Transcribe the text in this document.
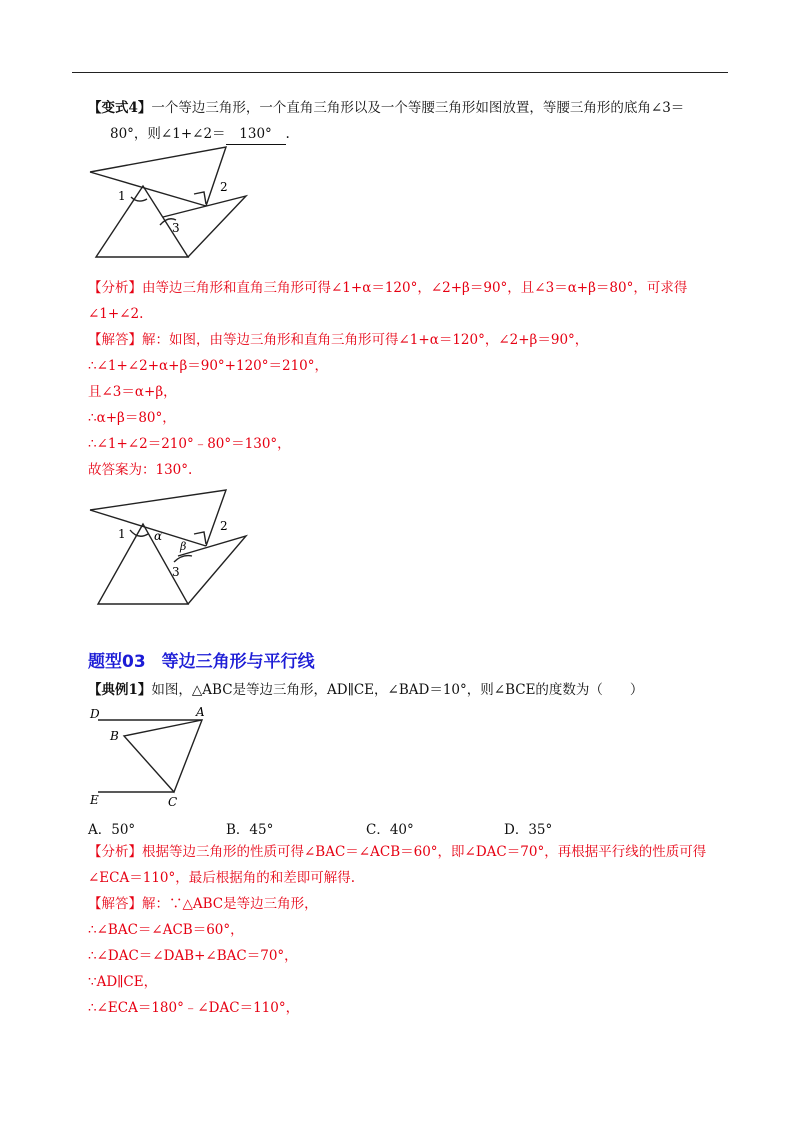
【变式4】一个等边三角形，一个直角三角形以及一个等腰三角形如图放置，等腰三角形的底角∠3＝
80°，则∠1+∠2＝ 130° .
1
2
3
【分析】由等边三角形和直角三角形可得∠1+α＝120°，∠2+β＝90°，且∠3＝α+β＝80°，可求得
∠1+∠2.
【解答】解：如图，由等边三角形和直角三角形可得∠1+α＝120°，∠2+β＝90°，
∴∠1+∠2+α+β＝90°+120°＝210°，
且∠3＝α+β，
∴α+β＝80°，
∴∠1+∠2＝210°﹣80°＝130°，
故答案为：130°.
1
2
3
α
β
题型03 等边三角形与平行线
【典例1】如图，△ABC是等边三角形，AD∥CE，∠BAD＝10°，则∠BCE的度数为（　　）
D	A
B
E	C
A．50°	B．45°	C．40°	D．35°
【分析】根据等边三角形的性质可得∠BAC＝∠ACB＝60°，即∠DAC＝70°，再根据平行线的性质可得
∠ECA＝110°，最后根据角的和差即可解得.
【解答】解：∵△ABC是等边三角形，
∴∠BAC＝∠ACB＝60°，
∴∠DAC＝∠DAB+∠BAC＝70°，
∵AD∥CE，
∴∠ECA＝180°﹣∠DAC＝110°，
